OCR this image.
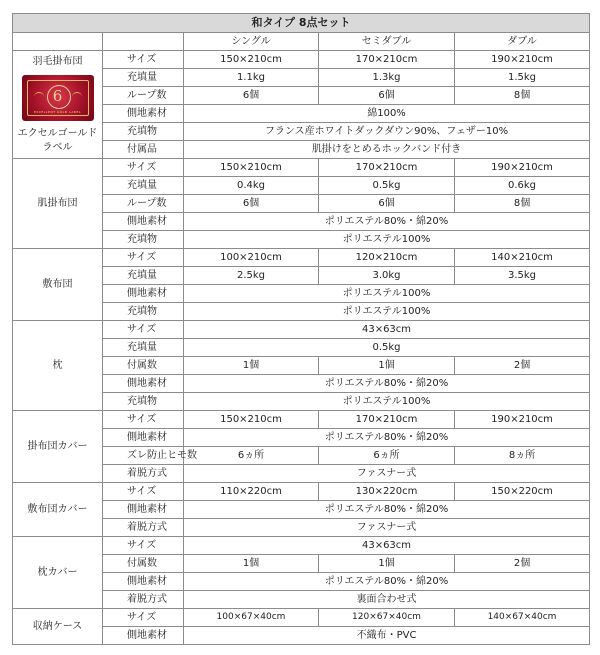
和タイプ 8点セット				
		シングル	セミダブル	ダブル

羽毛掛布団
6
EXCELLENT GOLD LABEL
エクセルゴールドラベル	サイズ	150×210cm	170×210cm	190×210cm
	充填量	1.1kg	1.3kg	1.5kg
	ループ数	6個	6個	8個
	側地素材	綿100%		
	充填物	フランス産ホワイトダックダウン90%、フェザー10%		
	付属品	肌掛けをとめるホックバンド付き		
肌掛布団	サイズ	150×210cm	170×210cm	190×210cm
	充填量	0.4kg	0.5kg	0.6kg
	ループ数	6個	6個	8個
	側地素材	ポリエステル80%・綿20%		
	充填物	ポリエステル100%		
敷布団	サイズ	100×210cm	120×210cm	140×210cm
	充填量	2.5kg	3.0kg	3.5kg
	側地素材	ポリエステル100%		
	充填物	ポリエステル100%		
枕	サイズ	43×63cm		
	充填量	0.5kg		
	付属数	1個	1個	2個
	側地素材	ポリエステル80%・綿20%		
	充填物	ポリエステル100%		
掛布団カバー	サイズ	150×210cm	170×210cm	190×210cm
	側地素材	ポリエステル80%・綿20%		
	ズレ防止ヒモ数	6ヵ所	6ヵ所	8ヵ所
	着脱方式	ファスナー式		
敷布団カバー	サイズ	110×220cm	130×220cm	150×220cm
	側地素材	ポリエステル80%・綿20%		
	着脱方式	ファスナー式		
枕カバー	サイズ	43×63cm		
	付属数	1個	1個	2個
	側地素材	ポリエステル80%・綿20%		
	着脱方式	裏面合わせ式		
収納ケース	サイズ	100×67×40cm	120×67×40cm	140×67×40cm
	側地素材	不織布・PVC		
